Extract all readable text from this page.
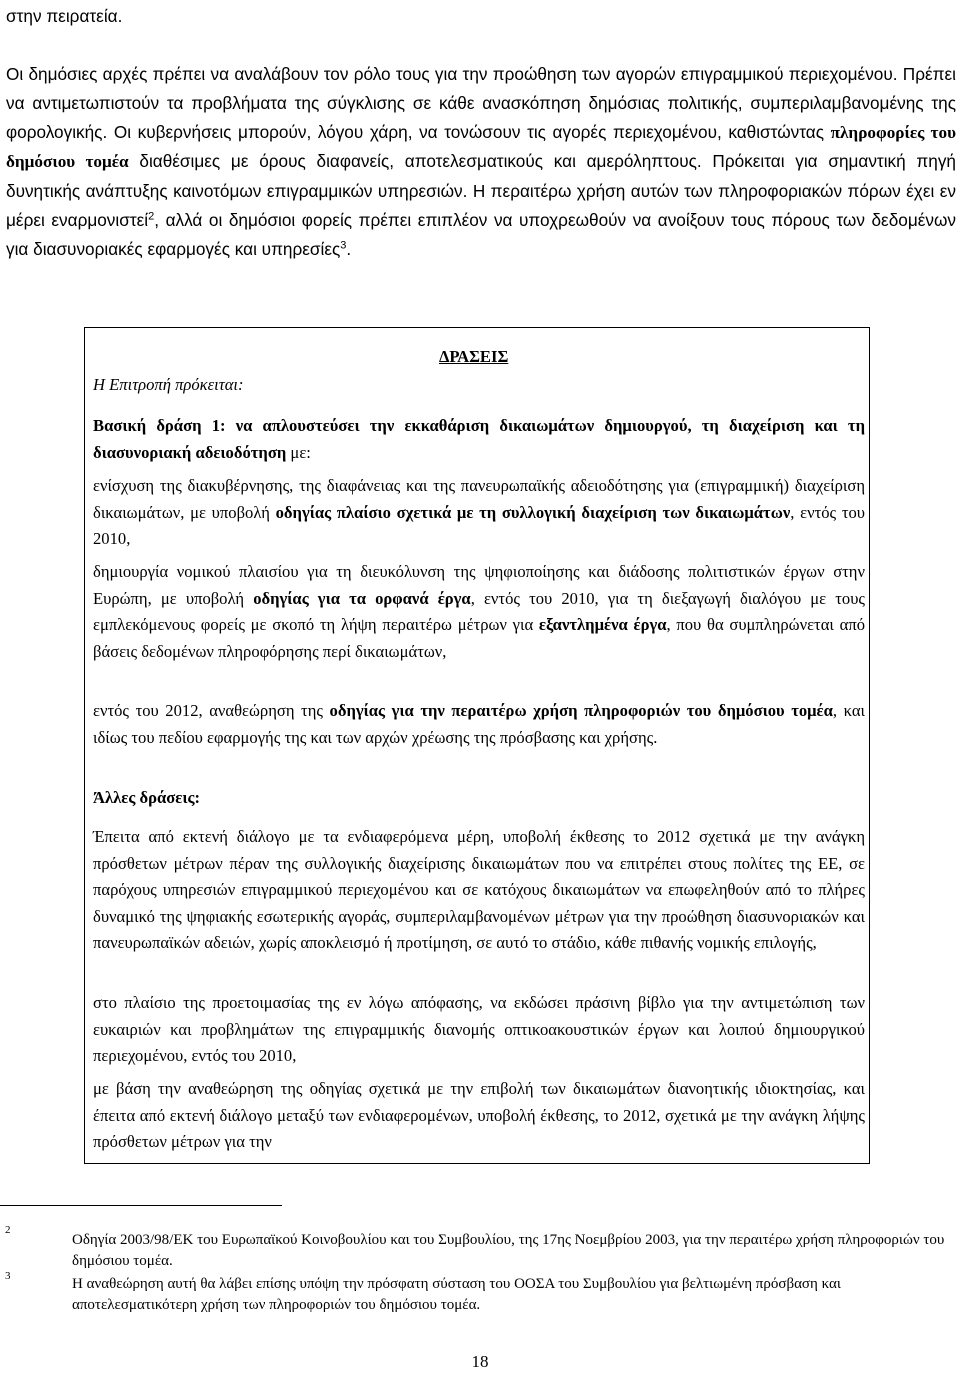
στην πειρατεία.
Οι δημόσιες αρχές πρέπει να αναλάβουν τον ρόλο τους για την προώθηση των αγορών επιγραμμικού περιεχομένου. Πρέπει να αντιμετωπιστούν τα προβλήματα της σύγκλισης σε κάθε ανασκόπηση δημόσιας πολιτικής, συμπεριλαμβανομένης της φορολογικής. Οι κυβερνήσεις μπορούν, λόγου χάρη, να τονώσουν τις αγορές περιεχομένου, καθιστώντας πληροφορίες του δημόσιου τομέα διαθέσιμες με όρους διαφανείς, αποτελεσματικούς και αμερόληπτους. Πρόκειται για σημαντική πηγή δυνητικής ανάπτυξης καινοτόμων επιγραμμικών υπηρεσιών. Η περαιτέρω χρήση αυτών των πληροφοριακών πόρων έχει εν μέρει εναρμονιστεί$^2$, αλλά οι δημόσιοι φορείς πρέπει επιπλέον να υποχρεωθούν να ανοίξουν τους πόρους των δεδομένων για διασυνοριακές εφαρμογές και υπηρεσίες$^3$.
ΔΡΑΣΕΙΣ
Η Επιτροπή πρόκειται:

Βασική δράση 1: να απλουστεύσει την εκκαθάριση δικαιωμάτων δημιουργού, τη διαχείριση και τη διασυνοριακή αδειοδότηση με:

ενίσχυση της διακυβέρνησης, της διαφάνειας και της πανευρωπαϊκής αδειοδότησης για (επιγραμμική) διαχείριση δικαιωμάτων, με υποβολή οδηγίας πλαίσιο σχετικά με τη συλλογική διαχείριση των δικαιωμάτων, εντός του 2010,

δημιουργία νομικού πλαισίου για τη διευκόλυνση της ψηφιοποίησης και διάδοσης πολιτιστικών έργων στην Ευρώπη, με υποβολή οδηγίας για τα ορφανά έργα, εντός του 2010, για τη διεξαγωγή διαλόγου με τους εμπλεκόμενους φορείς με σκοπό τη λήψη περαιτέρω μέτρων για εξαντλημένα έργα, που θα συμπληρώνεται από βάσεις δεδομένων πληροφόρησης περί δικαιωμάτων,

εντός του 2012, αναθεώρηση της οδηγίας για την περαιτέρω χρήση πληροφοριών του δημόσιου τομέα, και ιδίως του πεδίου εφαρμογής της και των αρχών χρέωσης της πρόσβασης και χρήσης.

Άλλες δράσεις:

Έπειτα από εκτενή διάλογο με τα ενδιαφερόμενα μέρη, υποβολή έκθεσης το 2012 σχετικά με την ανάγκη πρόσθετων μέτρων πέραν της συλλογικής διαχείρισης δικαιωμάτων που να επιτρέπει στους πολίτες της ΕΕ, σε παρόχους υπηρεσιών επιγραμμικού περιεχομένου και σε κατόχους δικαιωμάτων να επωφεληθούν από το πλήρες δυναμικό της ψηφιακής εσωτερικής αγοράς, συμπεριλαμβανομένων μέτρων για την προώθηση διασυνοριακών και πανευρωπαϊκών αδειών, χωρίς αποκλεισμό ή προτίμηση, σε αυτό το στάδιο, κάθε πιθανής νομικής επιλογής,

στο πλαίσιο της προετοιμασίας της εν λόγω απόφασης, να εκδώσει πράσινη βίβλο για την αντιμετώπιση των ευκαιριών και προβλημάτων της επιγραμμικής διανομής οπτικοακουστικών έργων και λοιπού δημιουργικού περιεχομένου, εντός του 2010,

με βάση την αναθεώρηση της οδηγίας σχετικά με την επιβολή των δικαιωμάτων διανοητικής ιδιοκτησίας, και έπειτα από εκτενή διάλογο μεταξύ των ενδιαφερομένων, υποβολή έκθεσης, το 2012, σχετικά με την ανάγκη λήψης πρόσθετων μέτρων για την

2
Οδηγία 2003/98/ΕΚ του Ευρωπαϊκού Κοινοβουλίου και του Συμβουλίου, της 17ης Νοεμβρίου 2003, για την περαιτέρω χρήση πληροφοριών του δημόσιου τομέα.
3	Η αναθεώρηση αυτή θα λάβει επίσης υπόψη την πρόσφατη σύσταση του ΟΟΣΑ του Συμβουλίου για βελτιωμένη πρόσβαση και αποτελεσματικότερη χρήση των πληροφοριών του δημόσιου τομέα.
18
